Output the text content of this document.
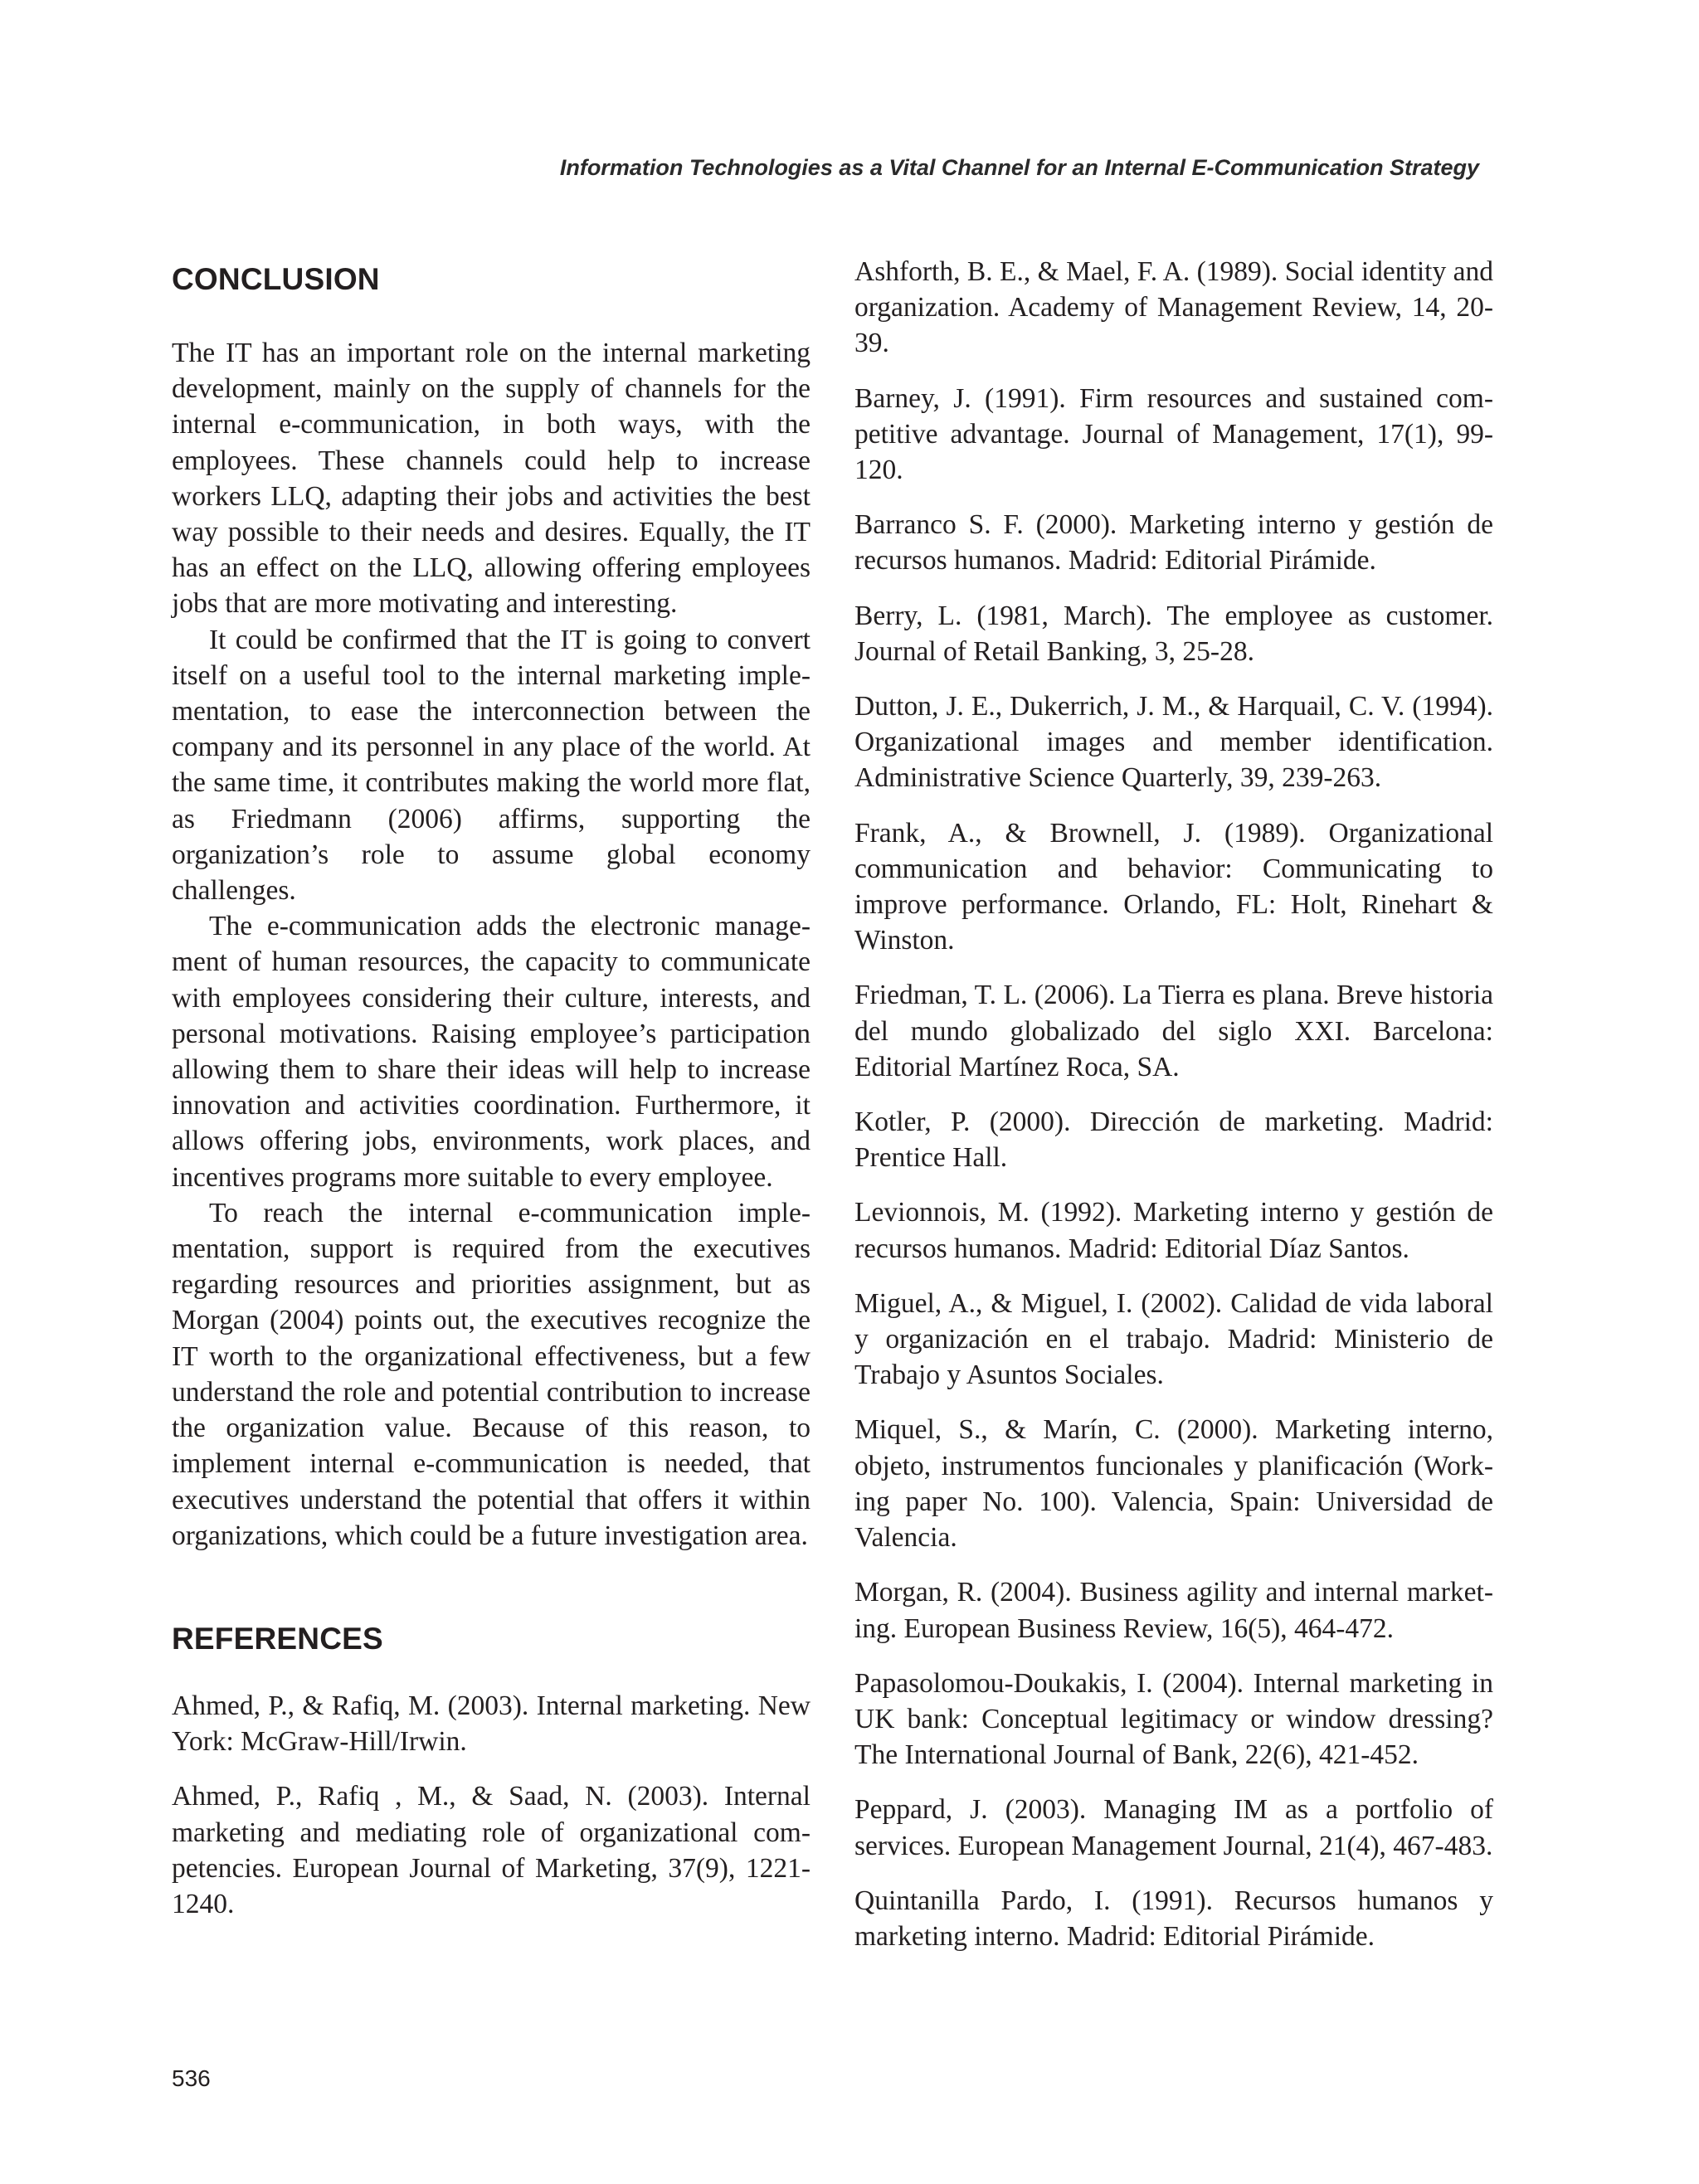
Information Technologies as a Vital Channel for an Internal E-Communication Strategy
CONCLUSION

The IT has an important role on the internal marketing development, mainly on the supply of channels for the internal e-communication, in both ways, with the employees. These channels could help to increase workers LLQ, adapting their jobs and activities the best way possible to their needs and desires. Equally, the IT has an effect on the LLQ, allowing offering employees jobs that are more motivating and interesting.

It could be confirmed that the IT is going to convert itself on a useful tool to the internal marketing implementation, to ease the interconnection between the company and its personnel in any place of the world. At the same time, it contributes making the world more flat, as Friedmann (2006) affirms, supporting the organization’s role to assume global economy challenges.

The e-communication adds the electronic management of human resources, the capacity to communicate with employees considering their culture, interests, and personal motivations. Raising employee’s participation allowing them to share their ideas will help to increase innovation and activities coordination. Furthermore, it allows offering jobs, environments, work places, and incentives programs more suitable to every employee.

To reach the internal e-communication implementation, support is required from the executives regarding resources and priorities assignment, but as Morgan (2004) points out, the executives recognize the IT worth to the organizational effectiveness, but a few understand the role and potential contribution to increase the organization value. Because of this reason, to implement internal e-communication is needed, that executives understand the potential that offers it within organizations, which could be a future investigation area.

REFERENCES

Ahmed, P., & Rafiq, M. (2003). Internal marketing. New York: McGraw-Hill/Irwin.

Ahmed, P., Rafiq , M., & Saad, N. (2003). Internal marketing and mediating role of organizational competencies. European Journal of Marketing, 37(9), 1221-1240.

Ashforth, B. E., & Mael, F. A. (1989). Social identity and organization. Academy of Management Review, 14, 20-39.

Barney, J. (1991). Firm resources and sustained competitive advantage. Journal of Management, 17(1), 99-120.

Barranco S. F. (2000). Marketing interno y gestión de recursos humanos. Madrid: Editorial Pirámide.

Berry, L. (1981, March). The employee as customer. Journal of Retail Banking, 3, 25-28.

Dutton, J. E., Dukerrich, J. M., & Harquail, C. V. (1994). Organizational images and member identification. Administrative Science Quarterly, 39, 239-263.

Frank, A., & Brownell, J. (1989). Organizational communication and behavior: Communicating to improve performance. Orlando, FL: Holt, Rinehart & Winston.

Friedman, T. L. (2006). La Tierra es plana. Breve historia del mundo globalizado del siglo XXI. Barcelona: Editorial Martínez Roca, SA.

Kotler, P. (2000). Dirección de marketing. Madrid: Prentice Hall.

Levionnois, M. (1992). Marketing interno y gestión de recursos humanos. Madrid: Editorial Díaz Santos.

Miguel, A., & Miguel, I. (2002). Calidad de vida laboral y organización en el trabajo. Madrid: Ministerio de Trabajo y Asuntos Sociales.

Miquel, S., & Marín, C. (2000). Marketing interno, objeto, instrumentos funcionales y planificación (Working paper No. 100). Valencia, Spain: Universidad de Valencia.

Morgan, R. (2004). Business agility and internal marketing. European Business Review, 16(5), 464-472.

Papasolomou-Doukakis, I. (2004). Internal marketing in UK bank: Conceptual legitimacy or window dressing? The International Journal of Bank, 22(6), 421-452.

Peppard, J. (2003). Managing IM as a portfolio of services. European Management Journal, 21(4), 467-483.

Quintanilla Pardo, I. (1991). Recursos humanos y marketing interno. Madrid: Editorial Pirámide.

536
